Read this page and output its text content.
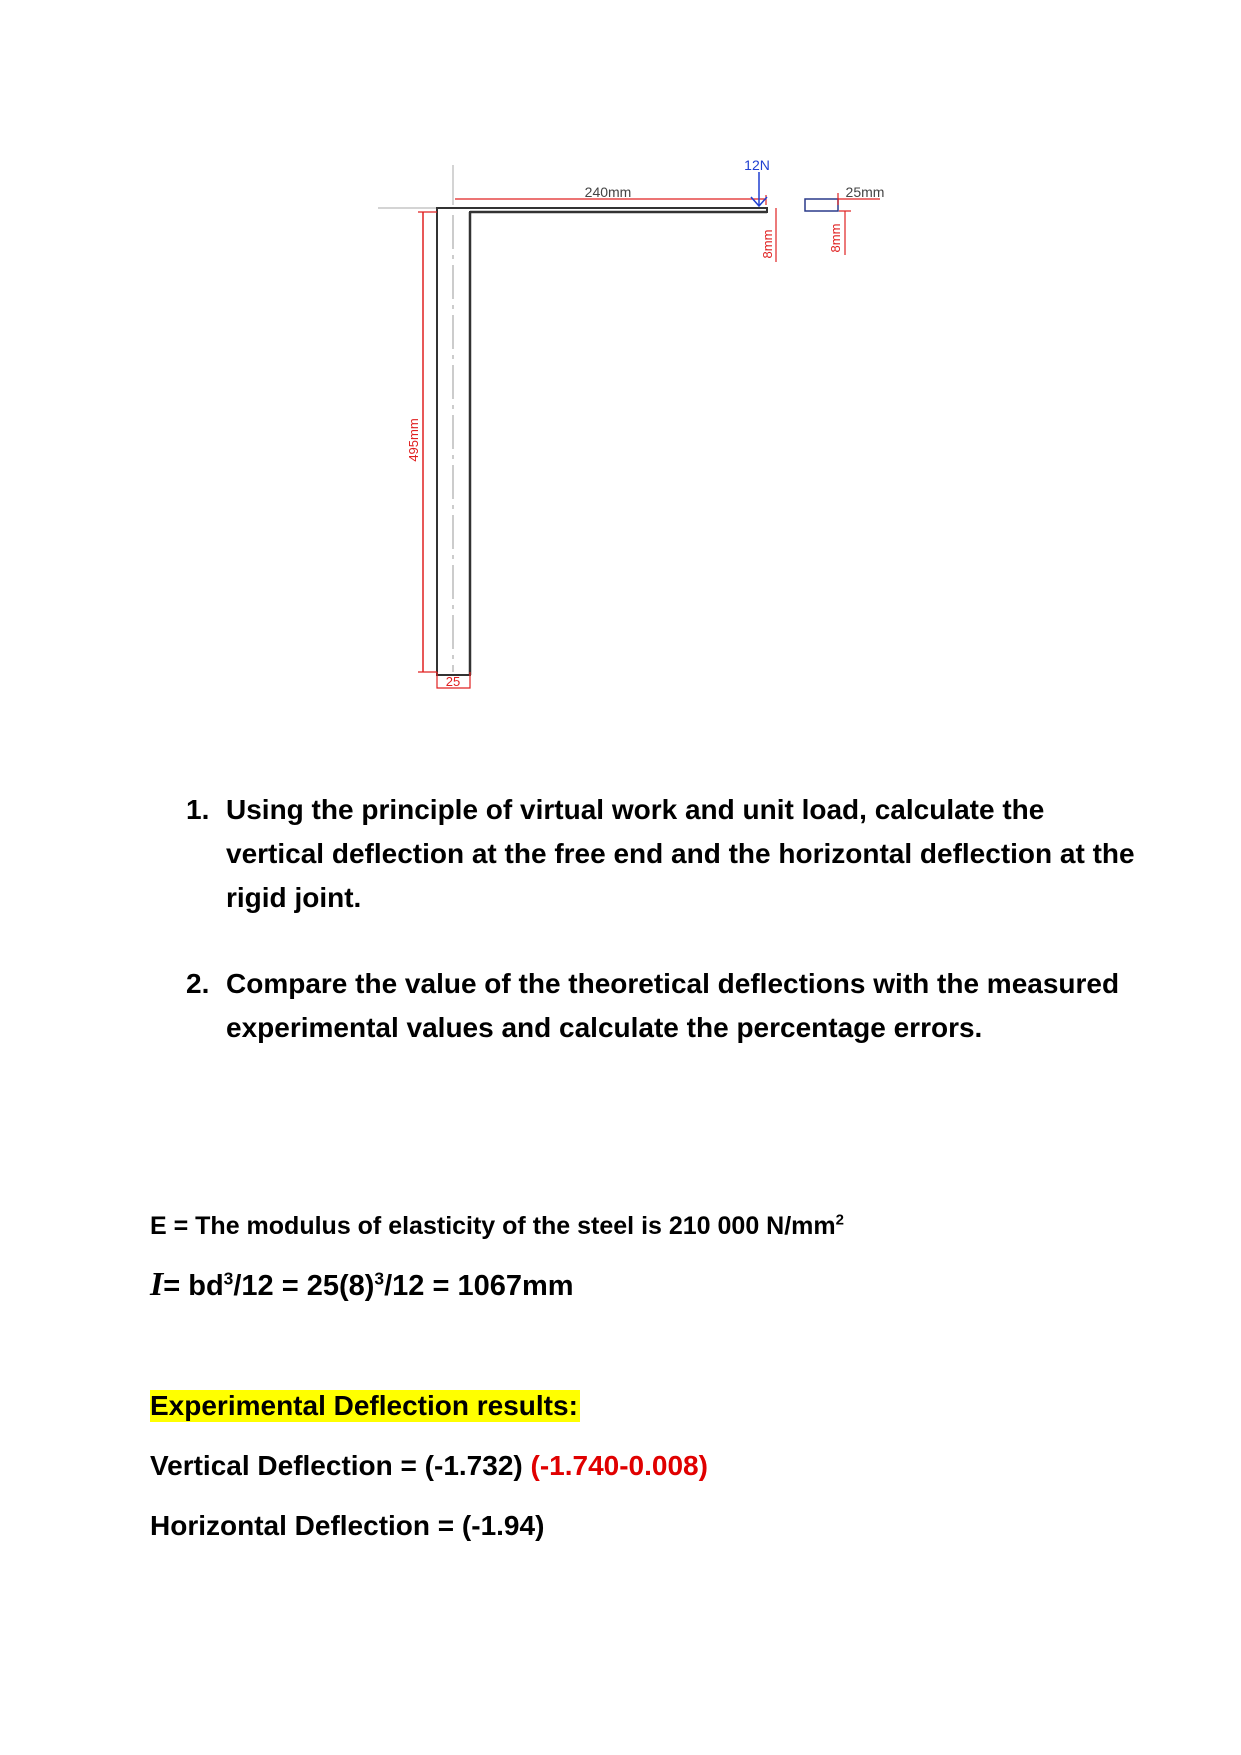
495mm
25
240mm
12N
8mm
25mm
8mm
1. Using the principle of virtual work and unit load, calculate the vertical deflection at the free end and the horizontal deflection at the rigid joint.
2. Compare the value of the theoretical deflections with the measured experimental values and calculate the percentage errors.
E = The modulus of elasticity of the steel is 210 000 $N/mm^2$
$I= bd^3/12 = 25(8)^3/12 = 1067mm$
Experimental Deflection results:
Vertical Deflection = (-1.732) (-1.740-0.008)
Horizontal Deflection = (-1.94)
